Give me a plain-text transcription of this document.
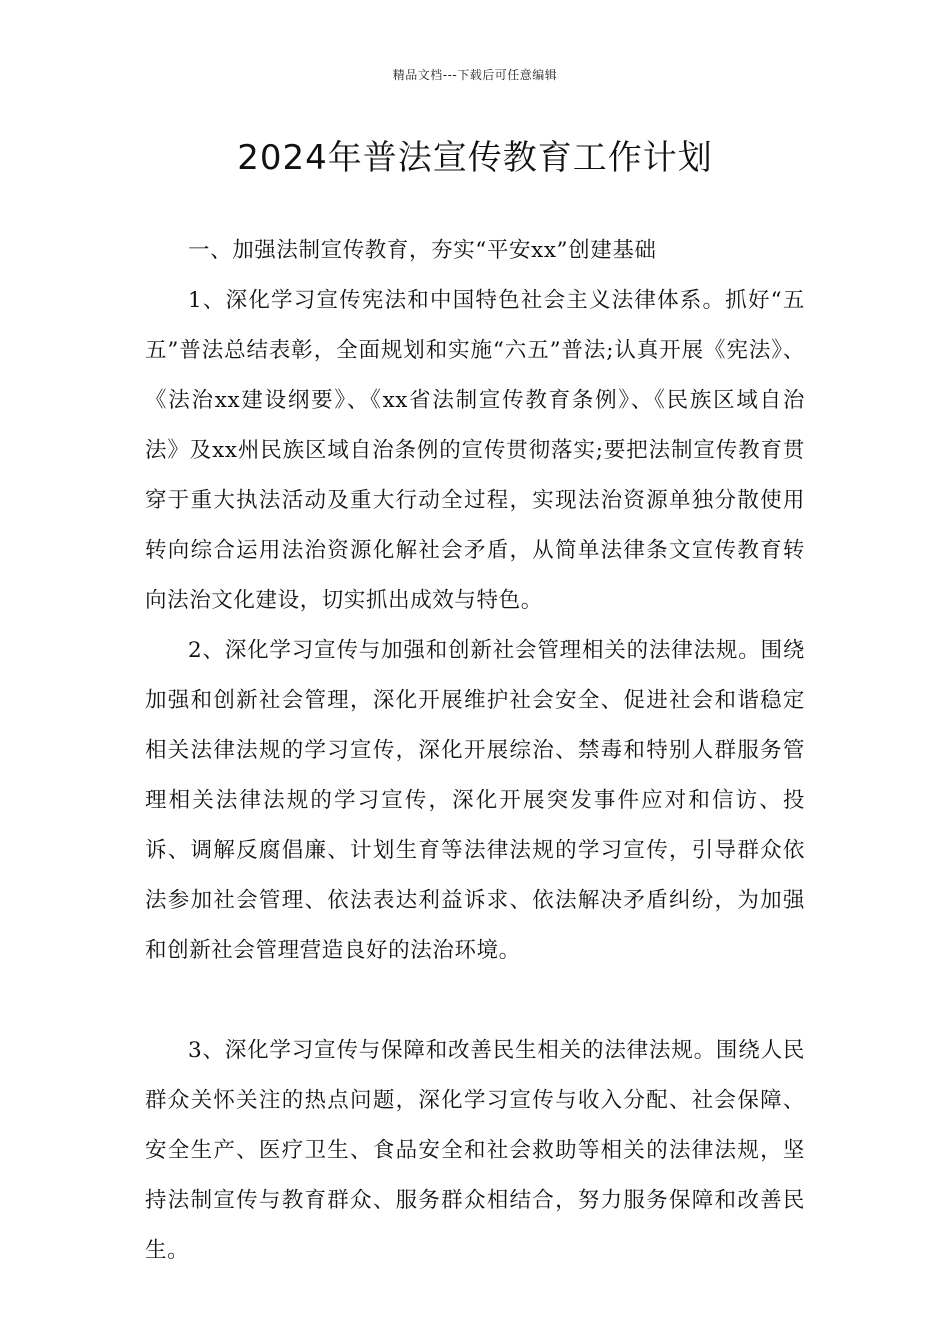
精品文档---下载后可任意编辑
2024年普法宣传教育工作计划

一、加强法制宣传教育，夯实“平安xx”创建基础

1、深化学习宣传宪法和中国特色社会主义法律体系。抓好“五五”普法总结表彰，全面规划和实施“六五”普法;认真开展《宪法》、《法治xx建设纲要》、《xx省法制宣传教育条例》、《民族区域自治法》及xx州民族区域自治条例的宣传贯彻落实;要把法制宣传教育贯穿于重大执法活动及重大行动全过程，实现法治资源单独分散使用转向综合运用法治资源化解社会矛盾，从简单法律条文宣传教育转向法治文化建设，切实抓出成效与特色。

2、深化学习宣传与加强和创新社会管理相关的法律法规。围绕加强和创新社会管理，深化开展维护社会安全、促进社会和谐稳定相关法律法规的学习宣传，深化开展综治、禁毒和特别人群服务管理相关法律法规的学习宣传，深化开展突发事件应对和信访、投诉、调解反腐倡廉、计划生育等法律法规的学习宣传，引导群众依法参加社会管理、依法表达利益诉求、依法解决矛盾纠纷，为加强和创新社会管理营造良好的法治环境。

3、深化学习宣传与保障和改善民生相关的法律法规。围绕人民群众关怀关注的热点问题，深化学习宣传与收入分配、社会保障、安全生产、医疗卫生、食品安全和社会救助等相关的法律法规，坚持法制宣传与教育群众、服务群众相结合，努力服务保障和改善民生。
